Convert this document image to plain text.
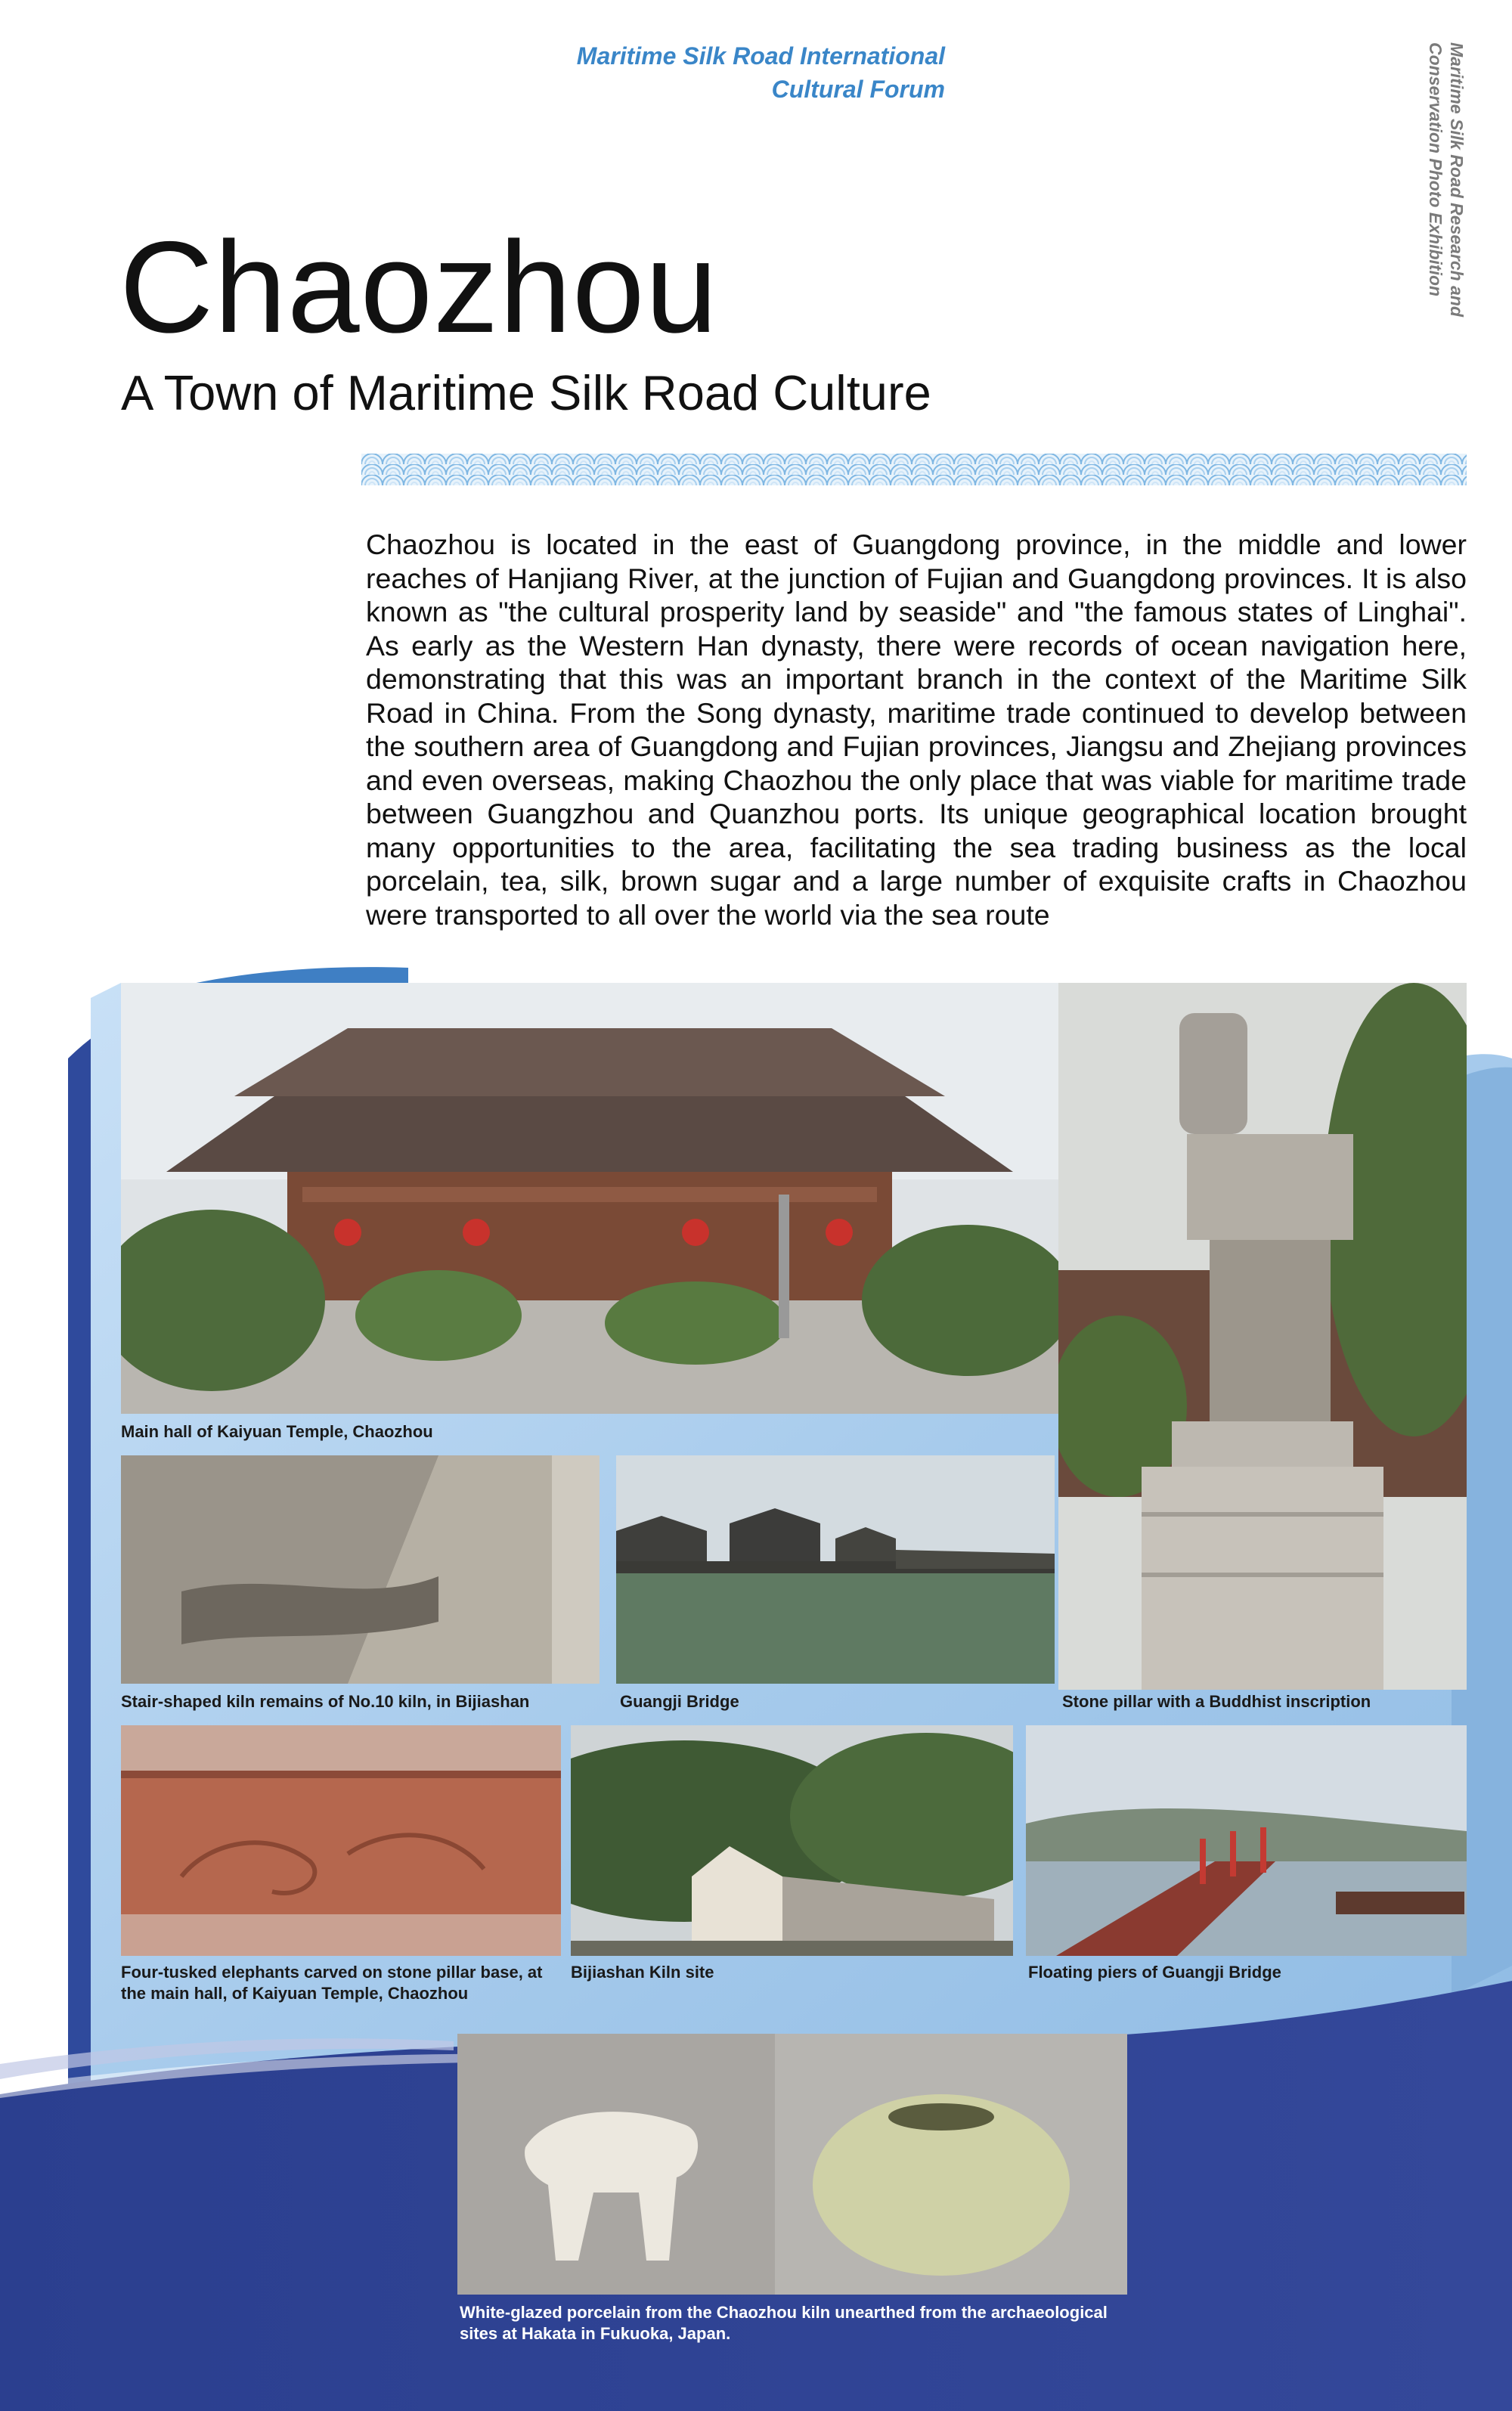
Maritime Silk Road International
Cultural Forum	Maritime Silk Road Research and Conservation Photo Exhibition
Chaozhou
A Town of Maritime Silk Road Culture
Chaozhou is located in the east of Guangdong province, in the middle and lower reaches of Hanjiang River, at the junction of Fujian and Guangdong provinces. It is also known as "the cultural prosperity land by seaside" and "the famous states of Linghai". As early as the Western Han dynasty, there were records of ocean navigation here, demonstrating that this was an important branch in the context of the Maritime Silk Road in China. From the Song dynasty, maritime trade continued to develop between the southern area of Guangdong and Fujian provinces, Jiangsu and Zhejiang provinces and even overseas, making Chaozhou the only place that was viable for maritime trade between Guangzhou and Quanzhou ports. Its unique geographical location brought many opportunities to the area, facilitating the sea trading business as the local porcelain, tea, silk, brown sugar and a large number of exquisite crafts in Chaozhou were transported to all over the world via the sea route
Main hall of Kaiyuan Temple, Chaozhou
Stone pillar with a Buddhist inscription
Stair-shaped kiln remains of No.10 kiln, in Bijiashan	Guangji Bridge
Four-tusked elephants carved on stone pillar base, at the main hall, of Kaiyuan Temple, Chaozhou
Bijiashan Kiln site	Floating piers of Guangji Bridge
White-glazed porcelain from the Chaozhou kiln unearthed from the archaeological sites at Hakata in Fukuoka, Japan.
